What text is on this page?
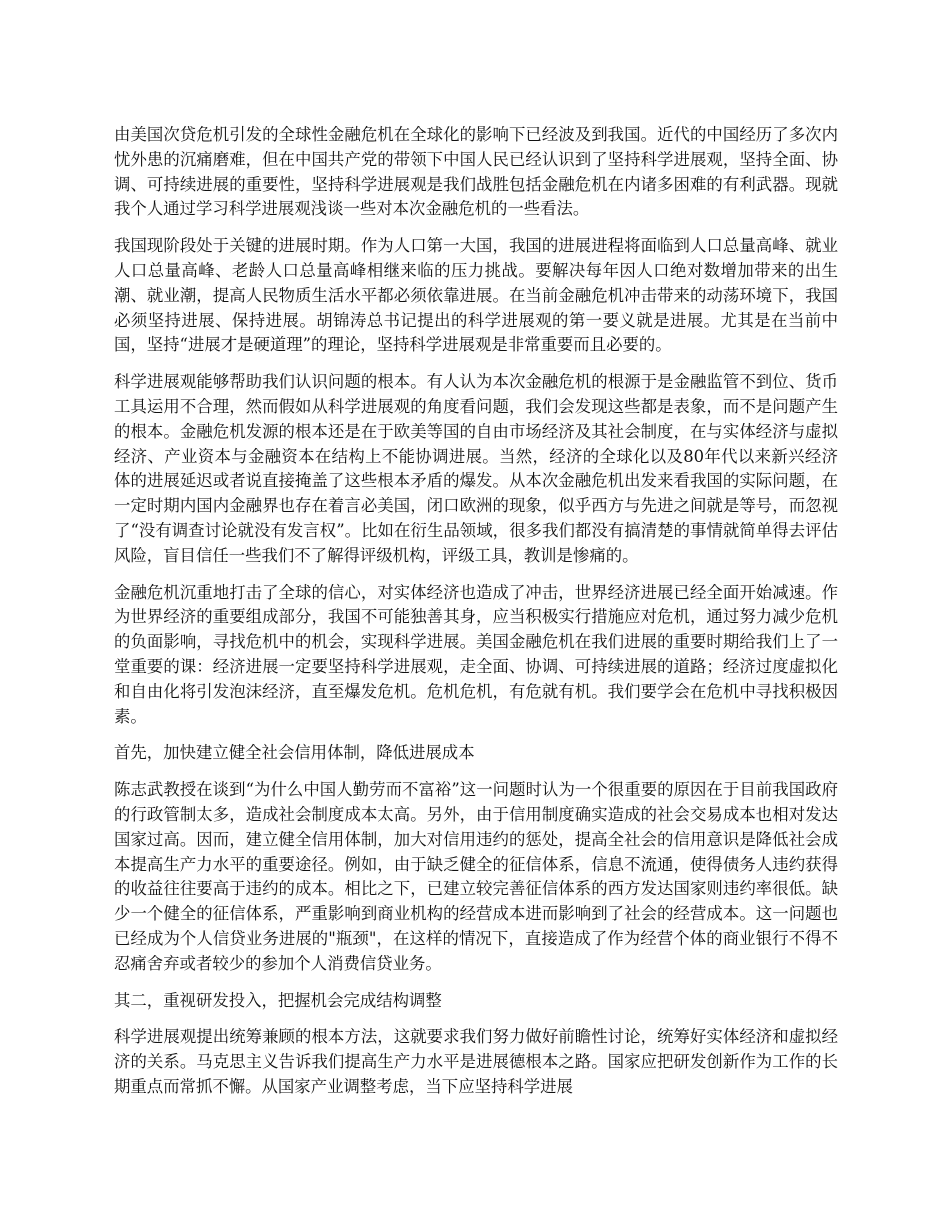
由美国次贷危机引发的全球性金融危机在全球化的影响下已经波及到我国。近代的中国经历了多次内忧外患的沉痛磨难，但在中国共产党的带领下中国人民已经认识到了坚持科学进展观，坚持全面、协调、可持续进展的重要性，坚持科学进展观是我们战胜包括金融危机在内诸多困难的有利武器。现就我个人通过学习科学进展观浅谈一些对本次金融危机的一些看法。

我国现阶段处于关键的进展时期。作为人口第一大国，我国的进展进程将面临到人口总量高峰、就业人口总量高峰、老龄人口总量高峰相继来临的压力挑战。要解决每年因人口绝对数增加带来的出生潮、就业潮，提高人民物质生活水平都必须依靠进展。在当前金融危机冲击带来的动荡环境下，我国必须坚持进展、保持进展。胡锦涛总书记提出的科学进展观的第一要义就是进展。尤其是在当前中国，坚持“进展才是硬道理”的理论，坚持科学进展观是非常重要而且必要的。

科学进展观能够帮助我们认识问题的根本。有人认为本次金融危机的根源于是金融监管不到位、货币工具运用不合理，然而假如从科学进展观的角度看问题，我们会发现这些都是表象，而不是问题产生的根本。金融危机发源的根本还是在于欧美等国的自由市场经济及其社会制度，在与实体经济与虚拟经济、产业资本与金融资本在结构上不能协调进展。当然，经济的全球化以及80年代以来新兴经济体的进展延迟或者说直接掩盖了这些根本矛盾的爆发。从本次金融危机出发来看我国的实际问题，在一定时期内国内金融界也存在着言必美国，闭口欧洲的现象，似乎西方与先进之间就是等号，而忽视了“没有调查讨论就没有发言权”。比如在衍生品领域，很多我们都没有搞清楚的事情就简单得去评估风险，盲目信任一些我们不了解得评级机构，评级工具，教训是惨痛的。

金融危机沉重地打击了全球的信心，对实体经济也造成了冲击，世界经济进展已经全面开始减速。作为世界经济的重要组成部分，我国不可能独善其身，应当积极实行措施应对危机，通过努力减少危机的负面影响，寻找危机中的机会，实现科学进展。美国金融危机在我们进展的重要时期给我们上了一堂重要的课：经济进展一定要坚持科学进展观，走全面、协调、可持续进展的道路；经济过度虚拟化和自由化将引发泡沫经济，直至爆发危机。危机危机，有危就有机。我们要学会在危机中寻找积极因素。

首先，加快建立健全社会信用体制，降低进展成本

陈志武教授在谈到“为什么中国人勤劳而不富裕”这一问题时认为一个很重要的原因在于目前我国政府的行政管制太多，造成社会制度成本太高。另外，由于信用制度确实造成的社会交易成本也相对发达国家过高。因而，建立健全信用体制，加大对信用违约的惩处，提高全社会的信用意识是降低社会成本提高生产力水平的重要途径。例如，由于缺乏健全的征信体系，信息不流通，使得债务人违约获得的收益往往要高于违约的成本。相比之下，已建立较完善征信体系的西方发达国家则违约率很低。缺少一个健全的征信体系，严重影响到商业机构的经营成本进而影响到了社会的经营成本。这一问题也已经成为个人信贷业务进展的"瓶颈"，在这样的情况下，直接造成了作为经营个体的商业银行不得不忍痛舍弃或者较少的参加个人消费信贷业务。

其二，重视研发投入，把握机会完成结构调整

科学进展观提出统筹兼顾的根本方法，这就要求我们努力做好前瞻性讨论，统筹好实体经济和虚拟经济的关系。马克思主义告诉我们提高生产力水平是进展德根本之路。国家应把研发创新作为工作的长期重点而常抓不懈。从国家产业调整考虑，当下应坚持科学进展
